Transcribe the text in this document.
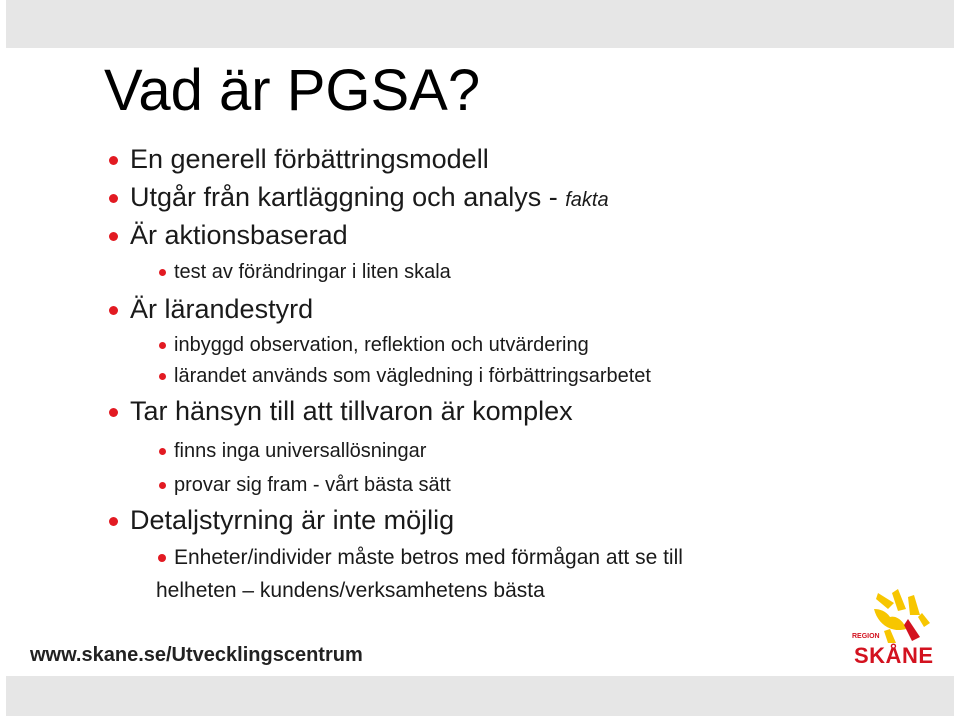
Vad är PGSA?
En generell förbättringsmodell
Utgår från kartläggning och analys - fakta
Är aktionsbaserad
test av förändringar i liten skala
Är lärandestyrd
inbyggd observation, reflektion och utvärdering
lärandet används som vägledning i förbättringsarbetet
Tar hänsyn till att tillvaron är komplex
finns inga universallösningar
provar sig fram - vårt bästa sätt
Detaljstyrning är inte möjlig
Enheter/individer måste betros med förmågan att se till
helheten – kundens/verksamhetens bästa
www.skane.se/Utvecklingscentrum
REGION
SKÅNE
